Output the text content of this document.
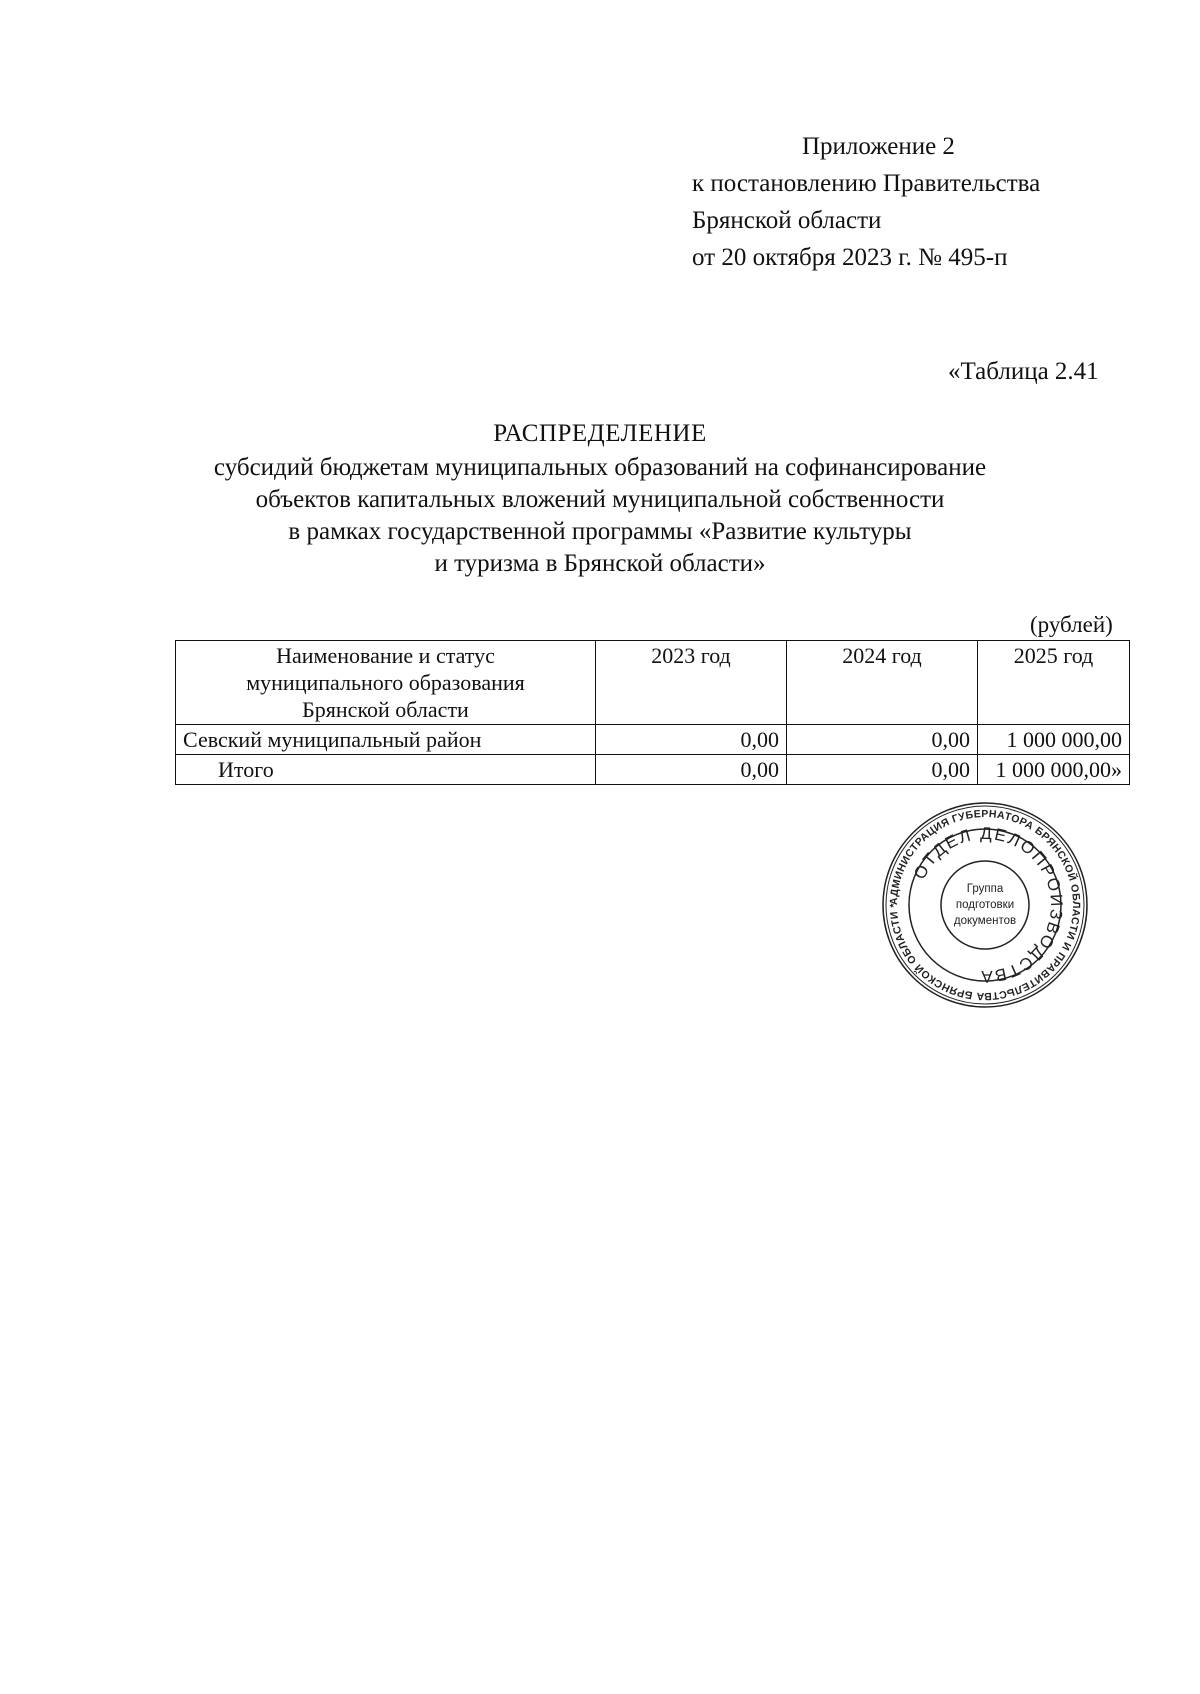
Приложение 2
к постановлению Правительства
Брянской области
от 20 октября 2023 г. № 495-п
«Таблица 2.41
РАСПРЕДЕЛЕНИЕ
субсидий бюджетам муниципальных образований на софинансирование
объектов капитальных вложений муниципальной собственности
в рамках государственной программы «Развитие культуры
и туризма в Брянской области»
(рублей)
Наименование и статус
муниципального образования
Брянской области	2023 год	2024 год	2025 год
Севский муниципальный район	0,00	0,00	1 000 000,00
Итого	0,00	0,00	1 000 000,00»
АДМИНИСТРАЦИЯ ГУБЕРНАТОРА БРЯНСКОЙ ОБЛАСТИ И ПРАВИТЕЛЬСТВА БРЯНСКОЙ ОБЛАСТИ *
ОТДЕЛ ДЕЛОПРОИЗВОДСТВА
Группа
подготовки
документов
